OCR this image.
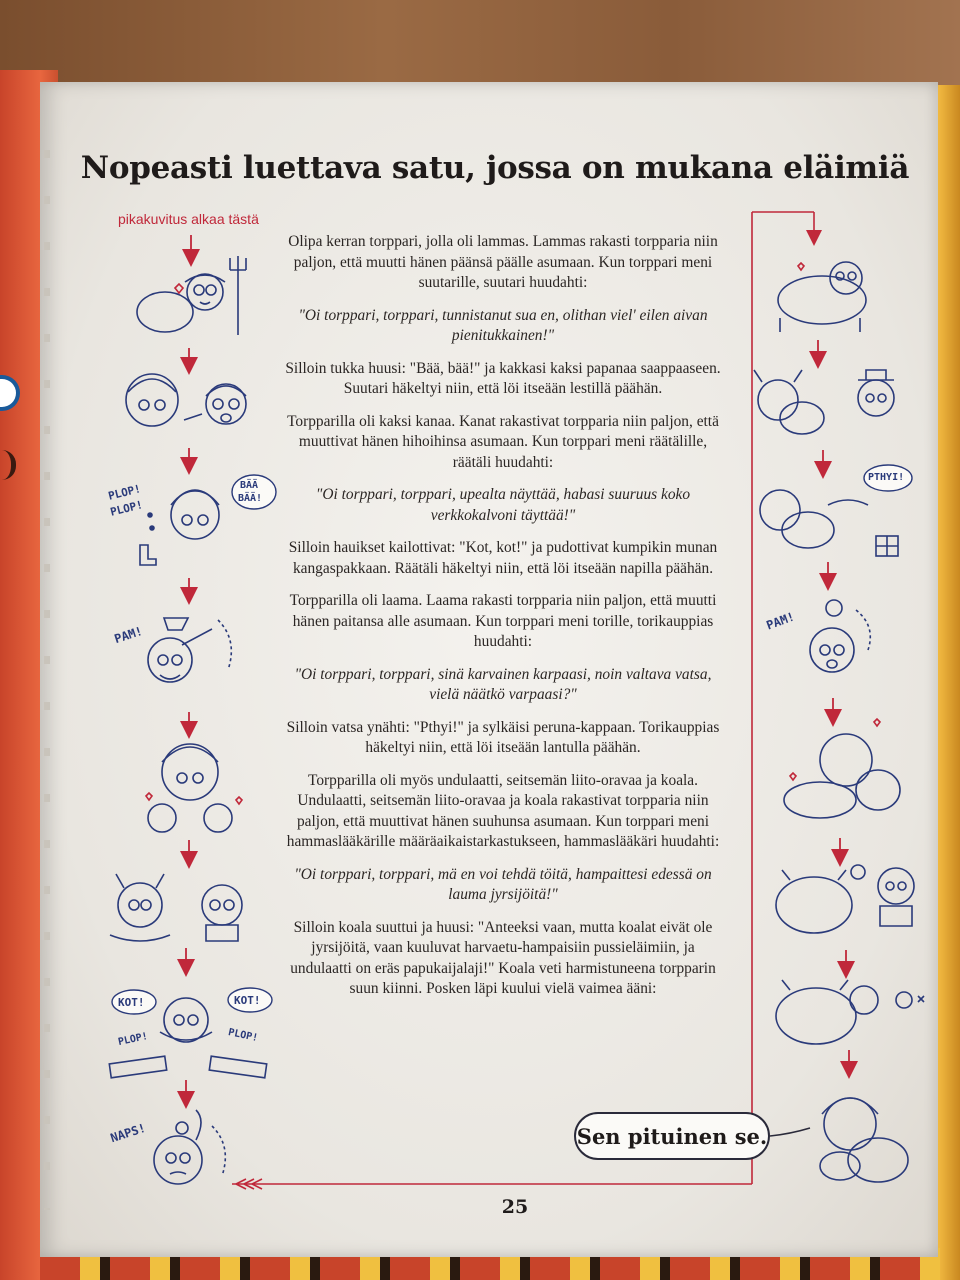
Nopeasti luettava satu, jossa on mukana eläimiä
pikakuvitus alkaa tästä

Olipa kerran torppari, jolla oli lammas. Lammas rakasti torpparia niin paljon, että muutti hänen päänsä päälle asumaan. Kun torppari meni suutarille, suutari huudahti:

"Oi torppari, torppari, tunnistanut sua en, olithan viel' eilen aivan pienitukkainen!"

Silloin tukka huusi: "Bää, bää!" ja kakkasi kaksi papanaa saappaaseen. Suutari häkeltyi niin, että löi itseään lestillä päähän.

Torpparilla oli kaksi kanaa. Kanat rakastivat torpparia niin paljon, että muuttivat hänen hihoihinsa asumaan. Kun torppari meni räätälille, räätäli huudahti:

"Oi torppari, torppari, upealta näyttää, habasi suuruus koko verkkokalvoni täyttää!"

Silloin hauikset kailottivat: "Kot, kot!" ja pudottivat kumpikin munan kangaspakkaan. Räätäli häkeltyi niin, että löi itseään napilla päähän.

Torpparilla oli laama. Laama rakasti torpparia niin paljon, että muutti hänen paitansa alle asumaan. Kun torppari meni torille, torikauppias huudahti:

"Oi torppari, torppari, sinä karvainen karpaasi, noin valtava vatsa, vielä näätkö varpaasi?"

Silloin vatsa ynähti: "Pthyi!" ja sylkäisi peruna-kappaan. Torikauppias häkeltyi niin, että löi itseään lantulla päähän.

Torpparilla oli myös undulaatti, seitsemän liito-oravaa ja koala. Undulaatti, seitsemän liito-oravaa ja koala rakastivat torpparia niin paljon, että muuttivat hänen suuhunsa asumaan. Kun torppari meni hammaslääkärille määräaikaistarkastukseen, hammaslääkäri huudahti:

"Oi torppari, torppari, mä en voi tehdä töitä, hampaittesi edessä on lauma jyrsijöitä!"

Silloin koala suuttui ja huusi: "Anteeksi vaan, mutta koalat eivät ole jyrsijöitä, vaan kuuluvat harvaetu-hampaisiin pussieläimiin, ja undulaatti on eräs papukaijalaji!" Koala veti harmistuneena torpparin suun kiinni. Posken läpi kuului vielä vaimea ääni:

PLOP!
PLOP!
BÄÄ
BÄÄ!
PAM!
KOT!	KOT!
PLOP!	PLOP!
NAPS!
PTHYI!
PAM!
Sen pituinen se.
25
